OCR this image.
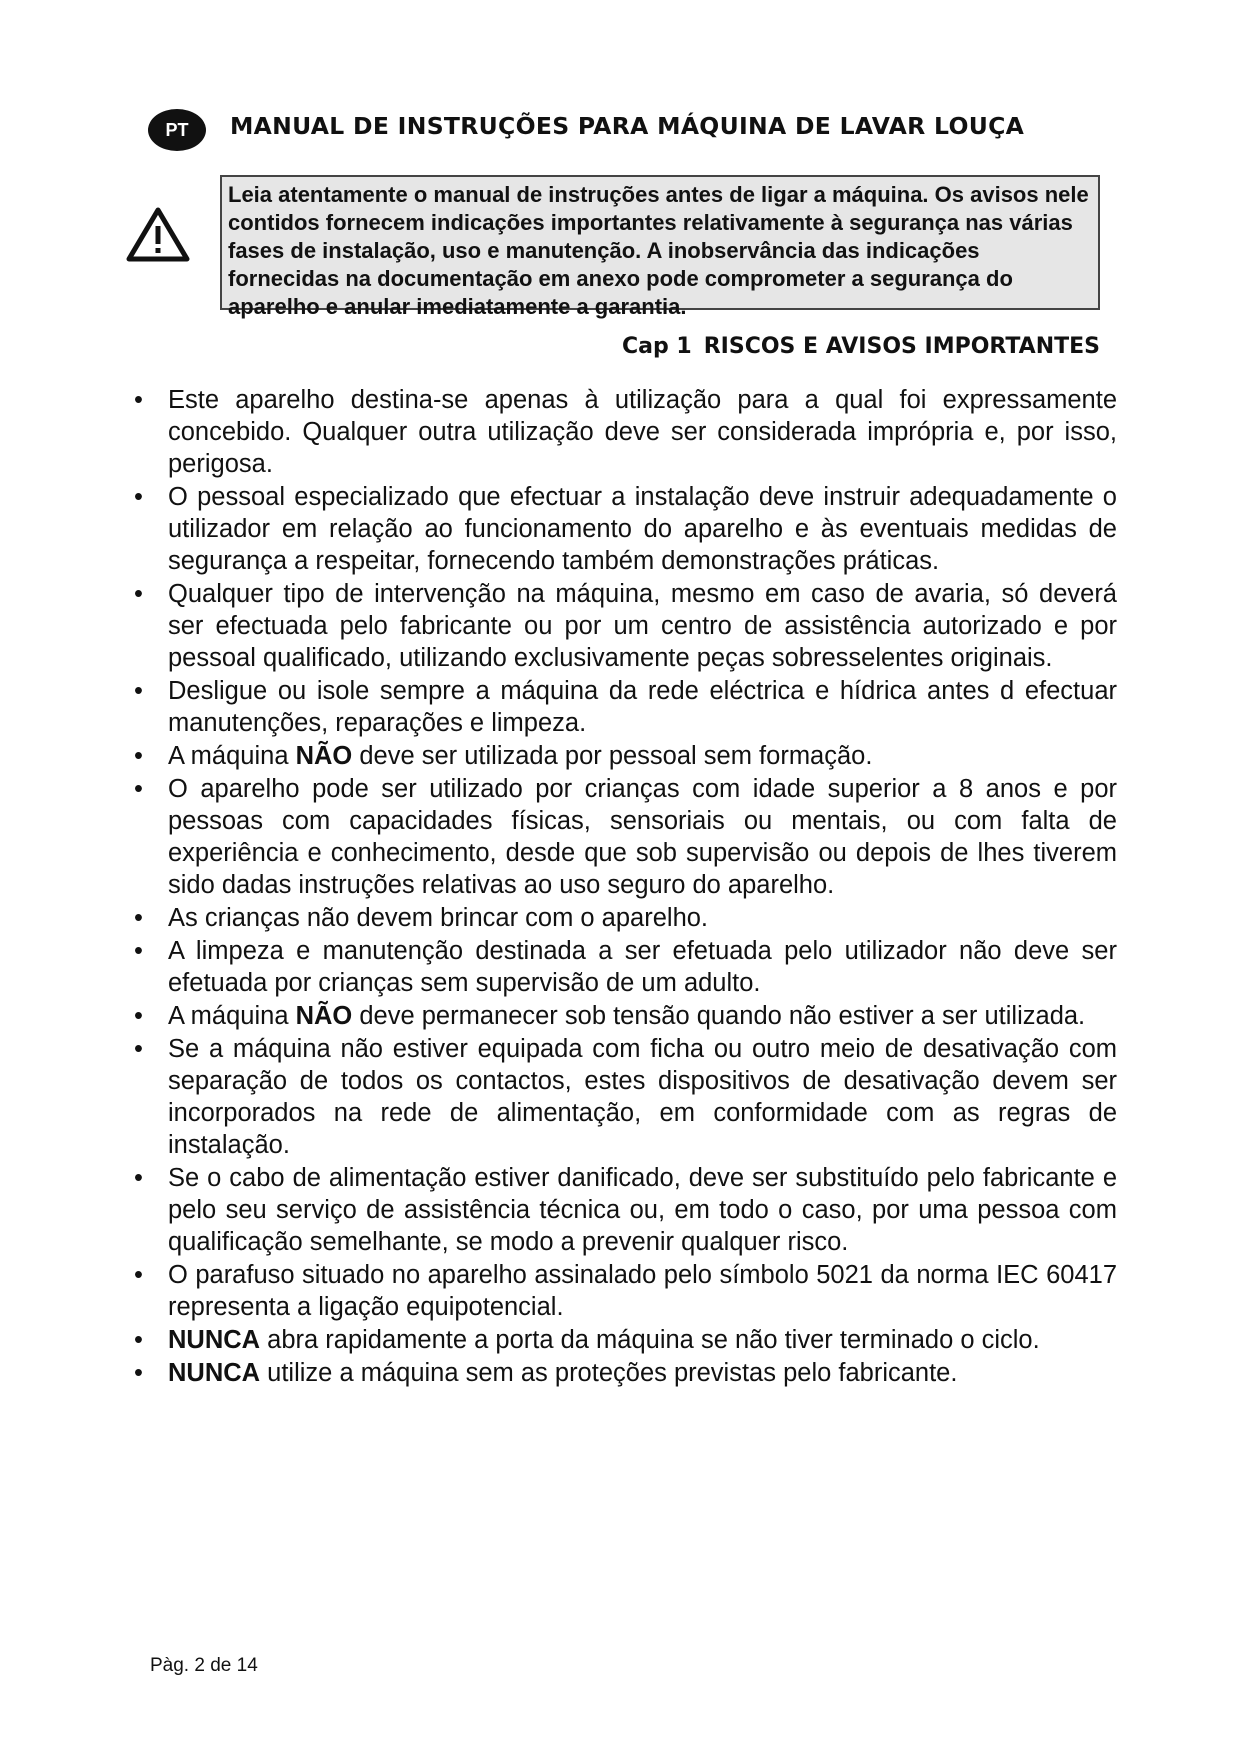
PT	MANUAL DE INSTRUÇÕES PARA MÁQUINA DE LAVAR LOUÇA
Leia atentamente o manual de instruções antes de ligar a máquina. Os avisos nele contidos fornecem indicações importantes relativamente à segurança nas várias fases de instalação, uso e manutenção. A inobservância das indicações fornecidas na documentação em anexo pode comprometer a segurança do aparelho e anular imediatamente a garantia.
Cap 1 RISCOS E AVISOS IMPORTANTES
• Este aparelho destina-se apenas à utilização para a qual foi expressamente concebido. Qualquer outra utilização deve ser considerada imprópria e, por isso, perigosa.
• O pessoal especializado que efectuar a instalação deve instruir adequadamente o utilizador em relação ao funcionamento do aparelho e às eventuais medidas de segurança a respeitar, fornecendo também demonstrações práticas.
• Qualquer tipo de intervenção na máquina, mesmo em caso de avaria, só deverá ser efectuada pelo fabricante ou por um centro de assistência autorizado e por pessoal qualificado, utilizando exclusivamente peças sobresselentes originais.
• Desligue ou isole sempre a máquina da rede eléctrica e hídrica antes d efectuar manutenções, reparações e limpeza.
• A máquina NÃO deve ser utilizada por pessoal sem formação.
• O aparelho pode ser utilizado por crianças com idade superior a 8 anos e por pessoas com capacidades físicas, sensoriais ou mentais, ou com falta de experiência e conhecimento, desde que sob supervisão ou depois de lhes tiverem sido dadas instruções relativas ao uso seguro do aparelho.
• As crianças não devem brincar com o aparelho.
• A limpeza e manutenção destinada a ser efetuada pelo utilizador não deve ser efetuada por crianças sem supervisão de um adulto.
• A máquina NÃO deve permanecer sob tensão quando não estiver a ser utilizada.
• Se a máquina não estiver equipada com ficha ou outro meio de desativação com separação de todos os contactos, estes dispositivos de desativação devem ser incorporados na rede de alimentação, em conformidade com as regras de instalação.
• Se o cabo de alimentação estiver danificado, deve ser substituído pelo fabricante e pelo seu serviço de assistência técnica ou, em todo o caso, por uma pessoa com qualificação semelhante, se modo a prevenir qualquer risco.
• O parafuso situado no aparelho assinalado pelo símbolo 5021 da norma IEC 60417 representa a ligação equipotencial.
• NUNCA abra rapidamente a porta da máquina se não tiver terminado o ciclo.
• NUNCA utilize a máquina sem as proteções previstas pelo fabricante.
Pàg. 2 de 14
